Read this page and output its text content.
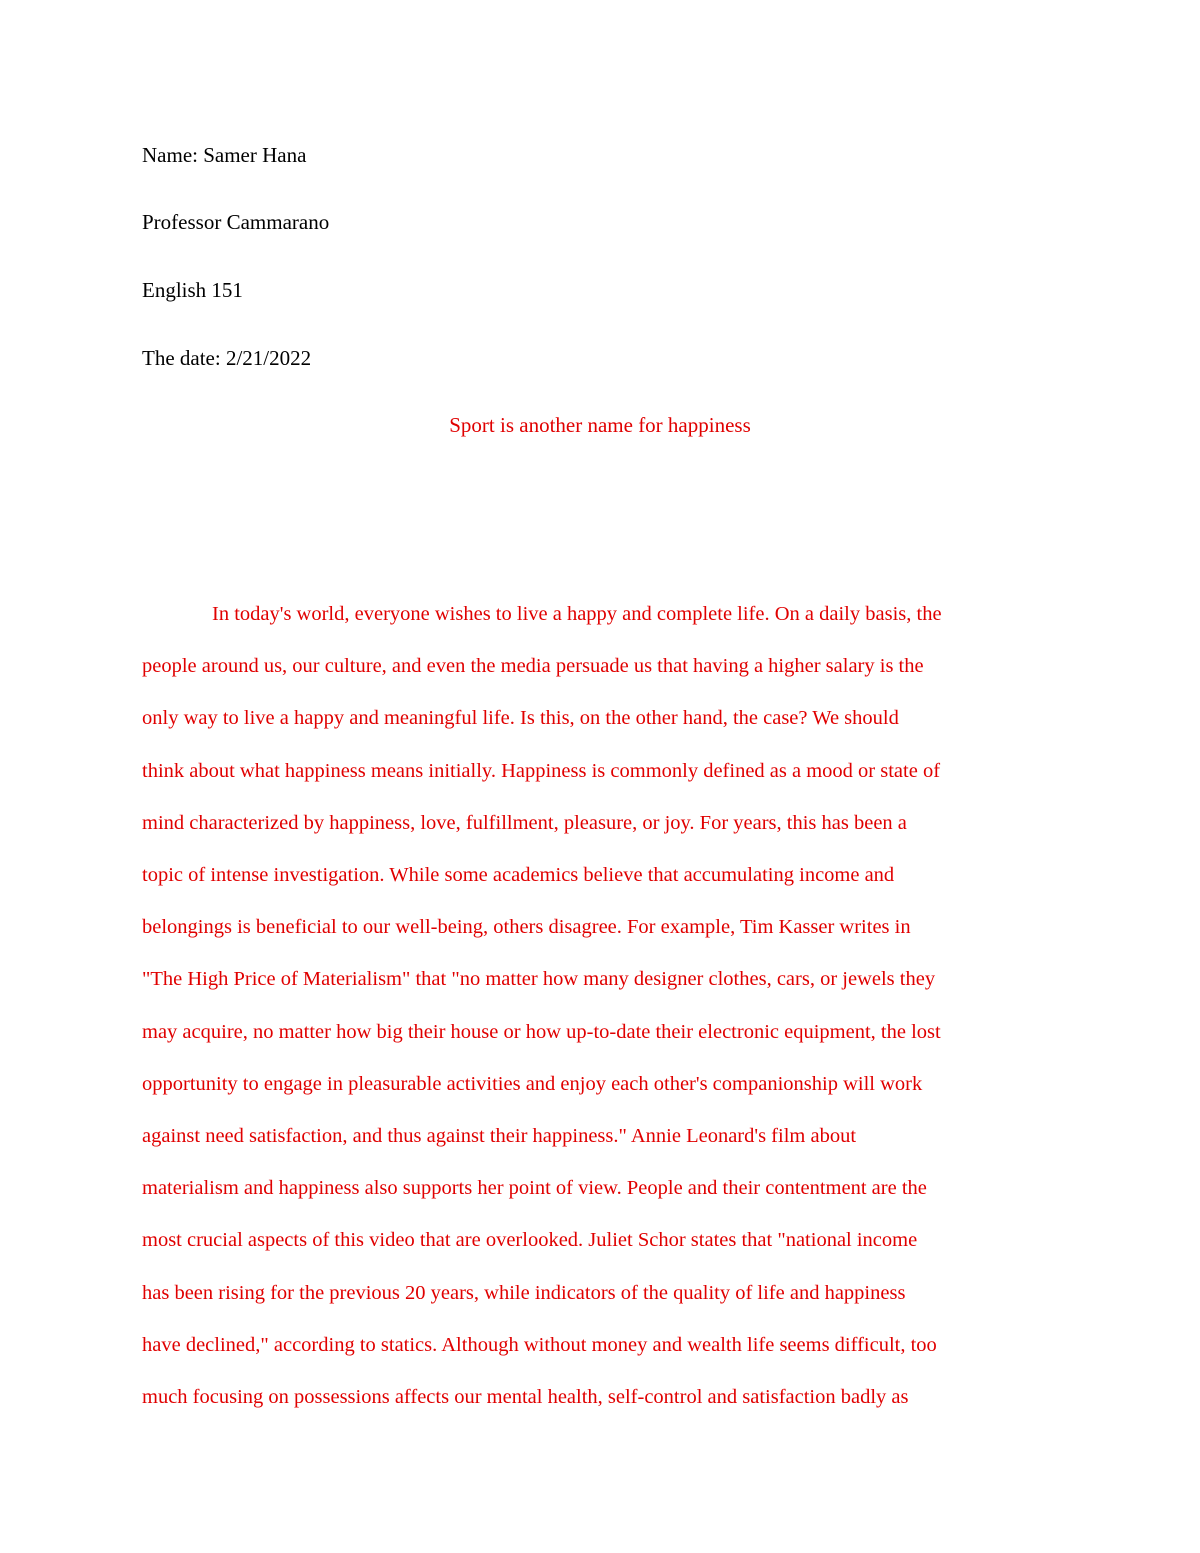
Name: Samer Hana
Professor Cammarano
English 151
The date: 2/21/2022
Sport is another name for happiness
In today's world, everyone wishes to live a happy and complete life. On a daily basis, the
people around us, our culture, and even the media persuade us that having a higher salary is the
only way to live a happy and meaningful life. Is this, on the other hand, the case? We should
think about what happiness means initially. Happiness is commonly defined as a mood or state of
mind characterized by happiness, love, fulfillment, pleasure, or joy. For years, this has been a
topic of intense investigation. While some academics believe that accumulating income and
belongings is beneficial to our well-being, others disagree. For example, Tim Kasser writes in
"The High Price of Materialism" that "no matter how many designer clothes, cars, or jewels they
may acquire, no matter how big their house or how up-to-date their electronic equipment, the lost
opportunity to engage in pleasurable activities and enjoy each other's companionship will work
against need satisfaction, and thus against their happiness." Annie Leonard's film about
materialism and happiness also supports her point of view. People and their contentment are the
most crucial aspects of this video that are overlooked. Juliet Schor states that "national income
has been rising for the previous 20 years, while indicators of the quality of life and happiness
have declined," according to statics. Although without money and wealth life seems difficult, too
much focusing on possessions affects our mental health, self-control and satisfaction badly as
